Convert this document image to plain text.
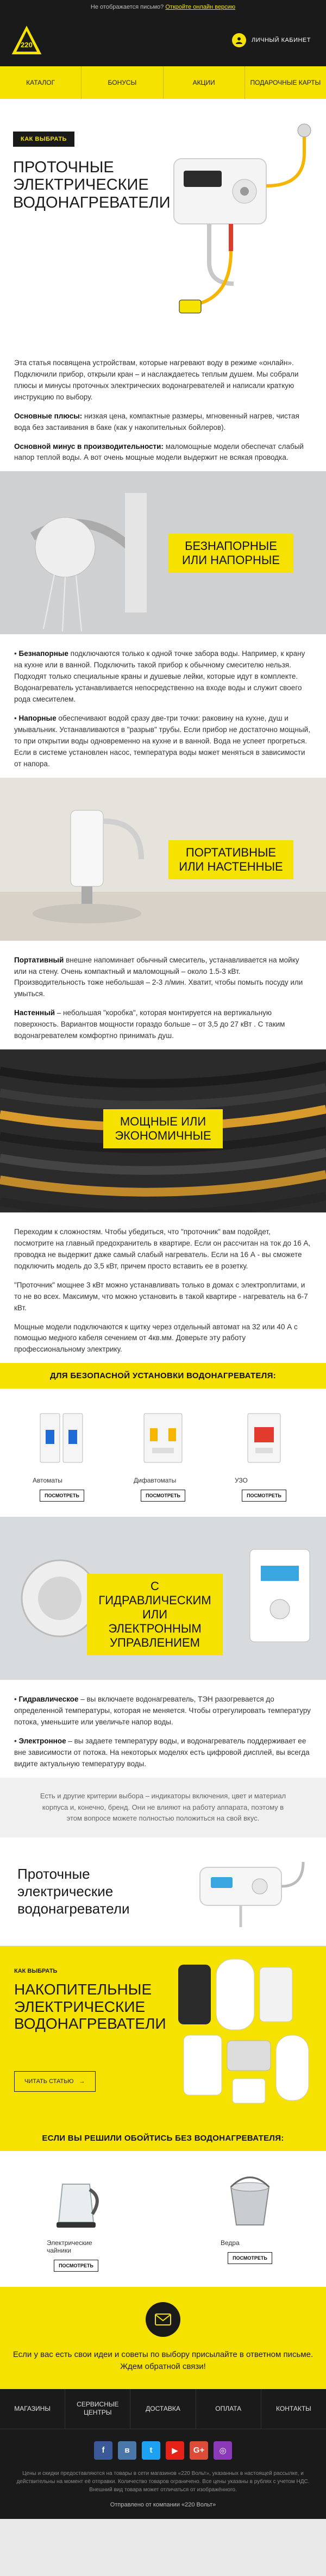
Не отображается письмо? Откройте онлайн версию
220
ЛИЧНЫЙ КАБИНЕТ
КАТАЛОГ	БОНУСЫ	АКЦИИ	ПОДАРОЧНЫЕ КАРТЫ
КАК ВЫБРАТЬ
ПРОТОЧНЫЕ ЭЛЕКТРИЧЕСКИЕ ВОДОНАГРЕВАТЕЛИ

Эта статья посвящена устройствам, которые нагревают воду в режиме «онлайн». Подключили прибор, открыли кран – и наслаждаетесь теплым душем. Мы собрали плюсы и минусы проточных электрических водонагревателей и написали краткую инструкцию по выбору.

Основные плюсы: низкая цена, компактные размеры, мгновенный нагрев, чистая вода без застаивания в баке (как у накопительных бойлеров).

Основной минус в производительности: маломощные модели обеспечат слабый напор теплой воды. А вот очень мощные модели выдержит не всякая проводка.

БЕЗНАПОРНЫЕ ИЛИ НАПОРНЫЕ

• Безнапорные подключаются только к одной точке забора воды. Например, к крану на кухне или в ванной. Подключить такой прибор к обычному смесителю нельзя. Подходят только специальные краны и душевые лейки, которые идут в комплекте. Водонагреватель устанавливается непосредственно на входе воды и служит своего рода смесителем.

• Напорные обеспечивают водой сразу две-три точки: раковину на кухне, душ и умывальник. Устанавливаются в "разрыв" трубы. Если прибор не достаточно мощный, то при открытии воды одновременно на кухне и в ванной. Вода не успеет прогреться. Если в системе установлен насос, температура воды может меняться в зависимости от напора.

ПОРТАТИВНЫЕ ИЛИ НАСТЕННЫЕ

Портативный внешне напоминает обычный смеситель, устанавливается на мойку или на стену. Очень компактный и маломощный – около 1.5-3 кВт. Производительность тоже небольшая – 2-3 л/мин. Хватит, чтобы помыть посуду или умыться.

Настенный – небольшая "коробка", которая монтируется на вертикальную поверхность. Вариантов мощности гораздо больше – от 3,5 до 27 кВт . С таким водонагревателем комфортно принимать душ.

МОЩНЫЕ ИЛИ ЭКОНОМИЧНЫЕ

Переходим к сложностям. Чтобы убедиться, что "проточник" вам подойдет, посмотрите на главный предохранитель в квартире. Если он рассчитан на ток до 16 А, проводка не выдержит даже самый слабый нагреватель. Если на 16 А - вы сможете подключить модель до 3,5 кВт, причем просто вставить ее в розетку.

"Проточник" мощнее 3 кВт можно устанавливать только в домах с электроплитами, и то не во всех. Максимум, что можно установить в такой квартире - нагреватель на 6-7 кВт.

Мощные модели подключаются к щитку через отдельный автомат на 32 или 40 А с помощью медного кабеля сечением от 4кв.мм. Доверьте эту работу профессиональному электрику.

ДЛЯ БЕЗОПАСНОЙ УСТАНОВКИ ВОДОНАГРЕВАТЕЛЯ:
Автоматы
ПОСМОТРЕТЬ
Дифавтоматы
ПОСМОТРЕТЬ
УЗО
ПОСМОТРЕТЬ
С ГИДРАВЛИЧЕСКИМ ИЛИ ЭЛЕКТРОННЫМ УПРАВЛЕНИЕМ

• Гидравлическое – вы включаете водонагреватель, ТЭН разогревается до определенной температуры, которая не меняется. Чтобы отрегулировать температуру потока, уменьшите или увеличьте напор воды.

• Электронное – вы задаете температуру воды, и водонагреватель поддерживает ее вне зависимости от потока. На некоторых моделях есть цифровой дисплей, вы всегда видите актуальную температуру воды.

Есть и другие критерии выбора – индикаторы включения, цвет и материал корпуса и, конечно, бренд. Они не влияют на работу аппарата, поэтому в этом вопросе можете полностью положиться на свой вкус.
Проточные электрические водонагреватели
КАК ВЫБРАТЬ
НАКОПИТЕЛЬНЫЕ ЭЛЕКТРИЧЕСКИЕ ВОДОНАГРЕВАТЕЛИ
ЧИТАТЬ СТАТЬЮ →
ЕСЛИ ВЫ РЕШИЛИ ОБОЙТИСЬ БЕЗ ВОДОНАГРЕВАТЕЛЯ:
Электрические чайники
ПОСМОТРЕТЬ
Ведра
ПОСМОТРЕТЬ
Если у вас есть свои идеи и советы по выбору присылайте в ответном письме. Ждем обратной связи!
МАГАЗИНЫ
СЕРВИСНЫЕ ЦЕНТРЫ
ДОСТАВКА	ОПЛАТА	КОНТАКТЫ
f	в	t	▶	G+	◎
Цены и скидки предоставляются на товары в сети магазинов «220 Вольт», указанных в настоящей рассылке, и действительны на момент её отправки. Количество товаров ограничено. Все цены указаны в рублях с учетом НДС. Внешний вид товара может отличаться от изображённого.
Отправлено от компании «220 Вольт»
